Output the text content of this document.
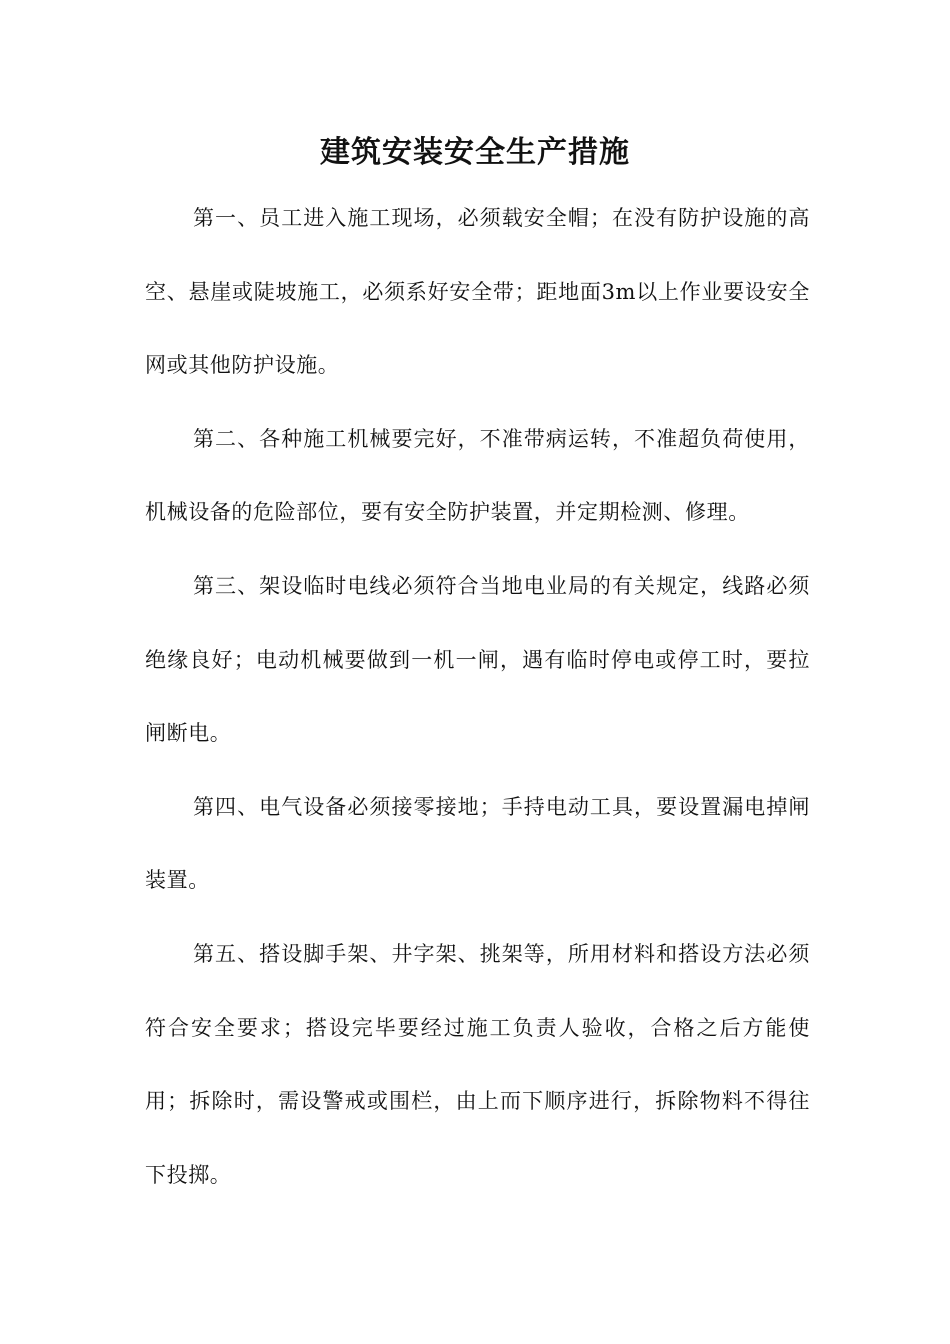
建筑安装安全生产措施

第一、员工进入施工现场，必须载安全帽；在没有防护设施的高空、悬崖或陡坡施工，必须系好安全带；距地面3m以上作业要设安全网或其他防护设施。

第二、各种施工机械要完好，不准带病运转，不准超负荷使用，机械设备的危险部位，要有安全防护装置，并定期检测、修理。

第三、架设临时电线必须符合当地电业局的有关规定，线路必须绝缘良好；电动机械要做到一机一闸，遇有临时停电或停工时，要拉闸断电。

第四、电气设备必须接零接地；手持电动工具，要设置漏电掉闸装置。

第五、搭设脚手架、井字架、挑架等，所用材料和搭设方法必须符合安全要求；搭设完毕要经过施工负责人验收，合格之后方能使用；拆除时，需设警戒或围栏，由上而下顺序进行，拆除物料不得往下投掷。
